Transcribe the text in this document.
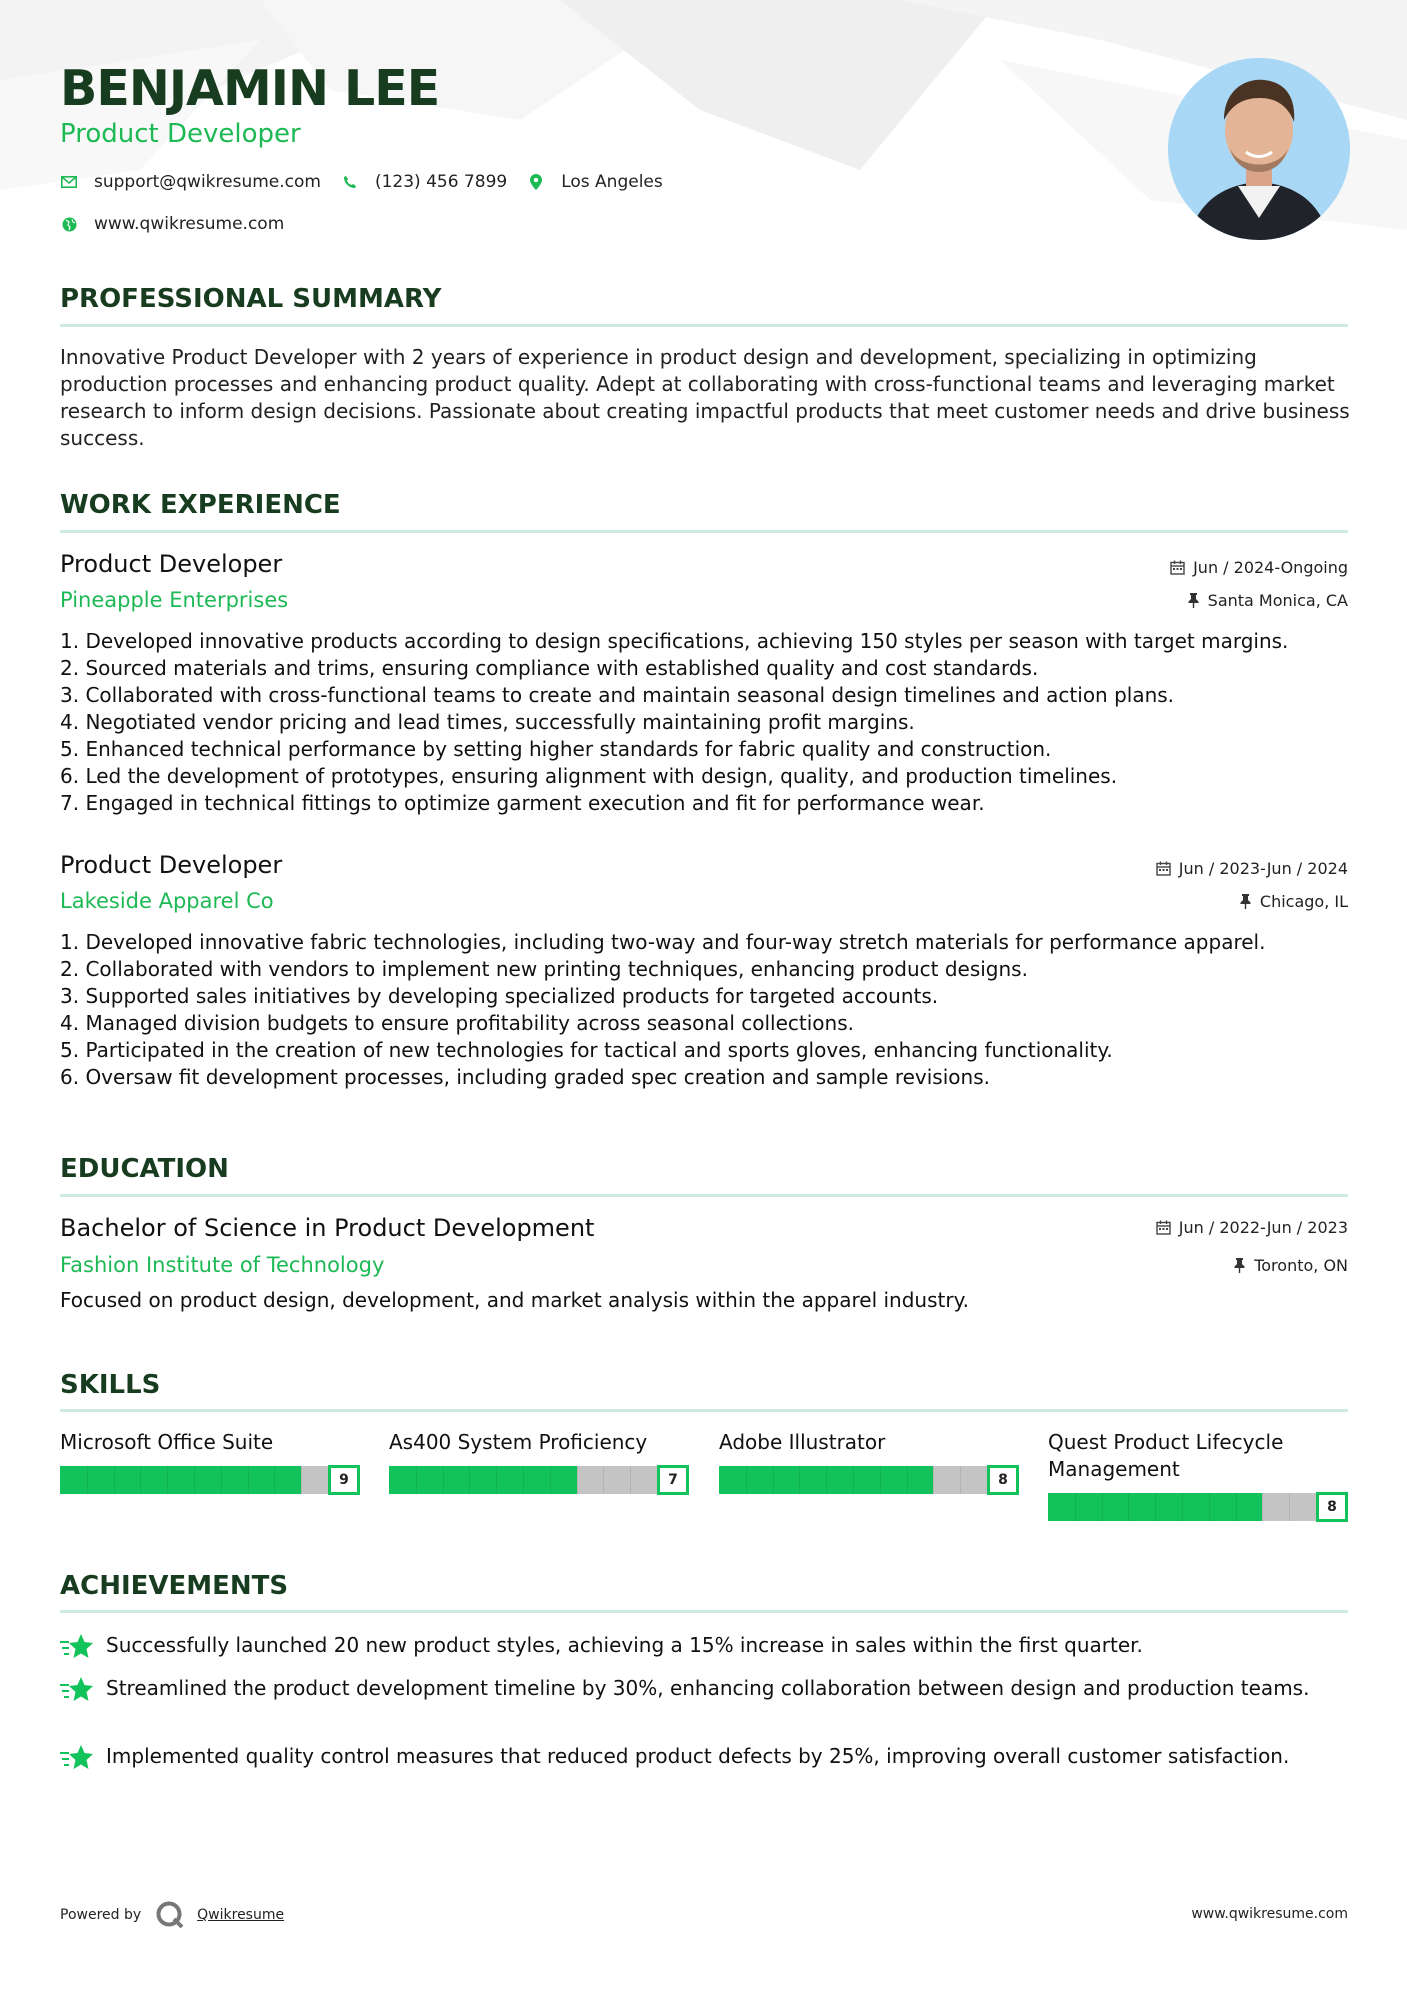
BENJAMIN LEE
Product Developer
support@qwikresume.com	(123) 456 7899	Los Angeles
www.qwikresume.com
PROFESSIONAL SUMMARY
Innovative Product Developer with 2 years of experience in product design and development, specializing in optimizing production processes and enhancing product quality. Adept at collaborating with cross-functional teams and leveraging market research to inform design decisions. Passionate about creating impactful products that meet customer needs and drive business success.
WORK EXPERIENCE
Product Developer	Jun / 2024-Ongoing
Pineapple Enterprises	Santa Monica, CA
1. Developed innovative products according to design specifications, achieving 150 styles per season with target margins.
2. Sourced materials and trims, ensuring compliance with established quality and cost standards.
3. Collaborated with cross-functional teams to create and maintain seasonal design timelines and action plans.
4. Negotiated vendor pricing and lead times, successfully maintaining profit margins.
5. Enhanced technical performance by setting higher standards for fabric quality and construction.
6. Led the development of prototypes, ensuring alignment with design, quality, and production timelines.
7. Engaged in technical fittings to optimize garment execution and fit for performance wear.
Product Developer	Jun / 2023-Jun / 2024
Lakeside Apparel Co	Chicago, IL
1. Developed innovative fabric technologies, including two-way and four-way stretch materials for performance apparel.
2. Collaborated with vendors to implement new printing techniques, enhancing product designs.
3. Supported sales initiatives by developing specialized products for targeted accounts.
4. Managed division budgets to ensure profitability across seasonal collections.
5. Participated in the creation of new technologies for tactical and sports gloves, enhancing functionality.
6. Oversaw fit development processes, including graded spec creation and sample revisions.
EDUCATION
Bachelor of Science in Product Development	Jun / 2022-Jun / 2023
Fashion Institute of Technology	Toronto, ON
Focused on product design, development, and market analysis within the apparel industry.
SKILLS
Microsoft Office Suite
9
As400 System Proficiency
7
Adobe Illustrator
8
Quest Product Lifecycle Management
8
ACHIEVEMENTS
Successfully launched 20 new product styles, achieving a 15% increase in sales within the first quarter.
Streamlined the product development timeline by 30%, enhancing collaboration between design and production teams.
Implemented quality control measures that reduced product defects by 25%, improving overall customer satisfaction.
Powered by	Qwikresume	www.qwikresume.com
